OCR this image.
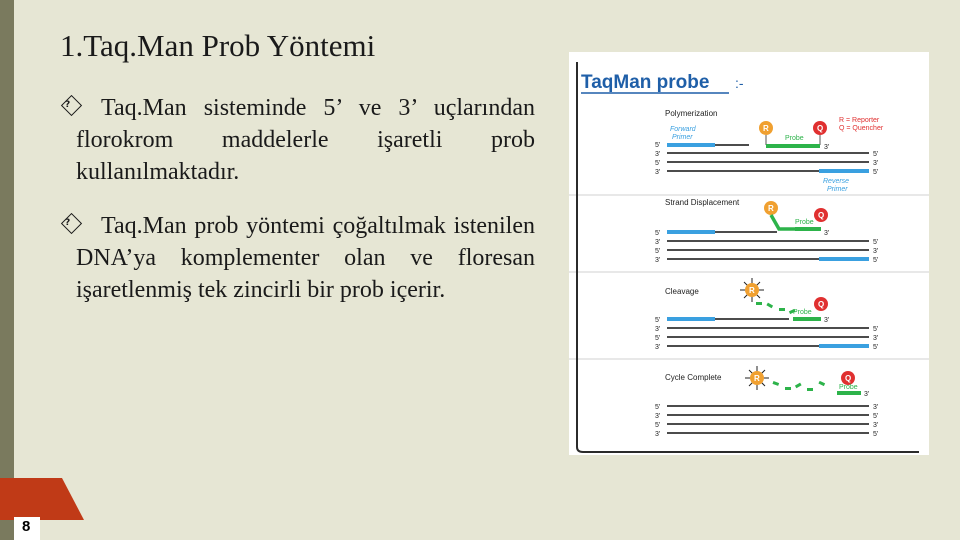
1.Taq.Man Prob Yöntemi
?	Taq.Man sisteminde 5’ ve 3’ uçlarından florokrom maddelerle işaretli prob kullanılmaktadır.
?	Taq.Man prob yöntemi çoğaltılmak istenilen DNA’ya komplementer olan ve floresan işaretlenmiş tek zincirli bir prob içerir.
TaqMan probe :-
Polymerization
R = Reporter
Q = Quencher
Forward
Primer
R	Q
Probe
3'
5'
3'	5'
5'	3'
3'	5'
Reverse
Primer
Strand Displacement
R
Q
Probe
3'
5'
3'	5'
5'	3'
3'	5'
Cleavage	R
Q
Probe
3'
5'
3'	5'
5'	3'
3'	5'
Cycle Complete	R	Q
Probe
3'
5'	3'
3'	5'
5'	3'
3'	5'
8
